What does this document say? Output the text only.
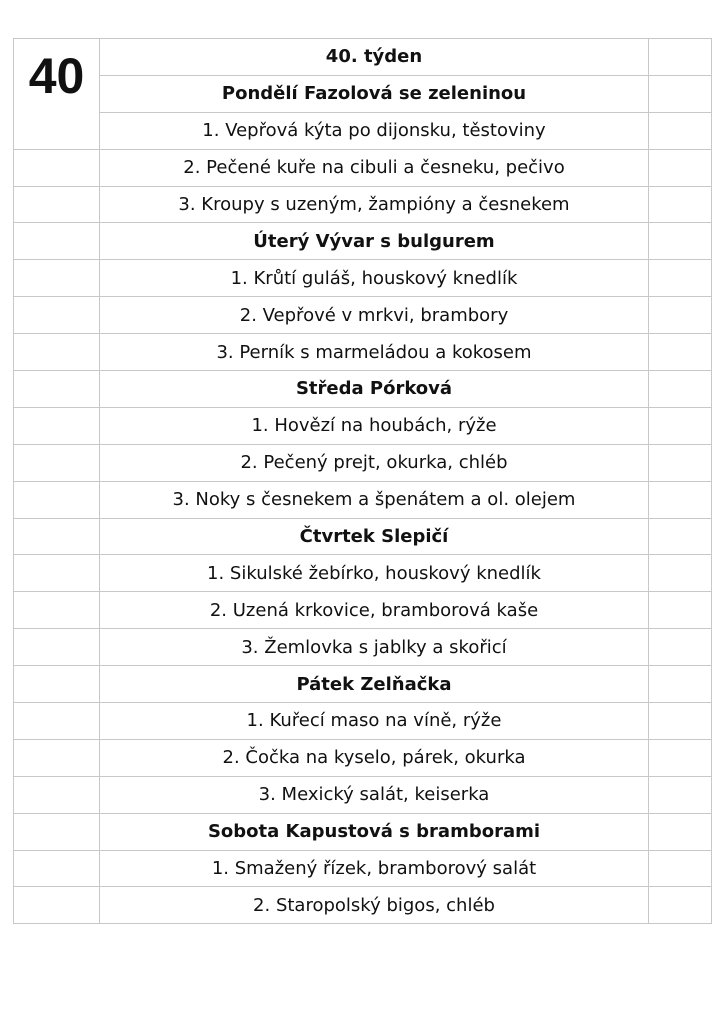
40	40. týden	
	Pondělí Fazolová se zeleninou	
	1. Vepřová kýta po dijonsku, těstoviny	
	2. Pečené kuře na cibuli a česneku, pečivo	
	3. Kroupy s uzeným, žampióny a česnekem	
	Úterý Vývar s bulgurem	
	1. Krůtí guláš, houskový knedlík	
	2. Vepřové v mrkvi, brambory	
	3. Perník s marmeládou a kokosem	
	Středa Pórková	
	1. Hovězí na houbách, rýže	
	2. Pečený prejt, okurka, chléb	
	3. Noky s česnekem a špenátem a ol. olejem	
	Čtvrtek Slepičí	
	1. Sikulské žebírko, houskový knedlík	
	2. Uzená krkovice, bramborová kaše	
	3. Žemlovka s jablky a skořicí	
	Pátek Zelňačka	
	1. Kuřecí maso na víně, rýže	
	2. Čočka na kyselo, párek, okurka	
	3. Mexický salát, keiserka	
	Sobota Kapustová s bramborami	
	1. Smažený řízek, bramborový salát	
	2. Staropolský bigos, chléb	
